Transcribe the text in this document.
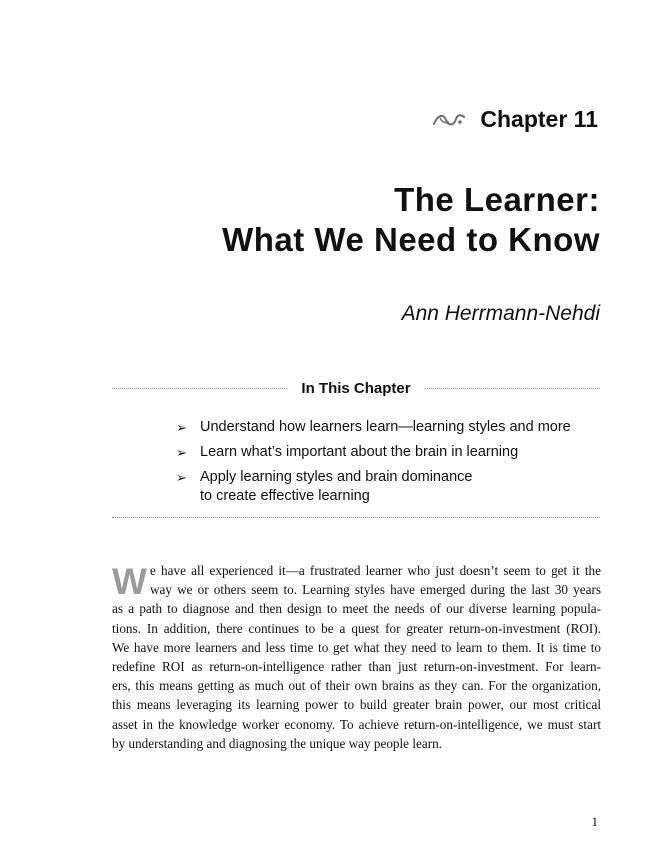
Chapter 11
The Learner:
What We Need to Know
Ann Herrmann-Nehdi
In This Chapter
➢ Understand how learners learn—learning styles and more
➢ Learn what’s important about the brain in learning
➢ Apply learning styles and brain dominance
to create effective learning
W e have all experienced it—a frustrated learner who just doesn’t seem to get it the
way we or others seem to. Learning styles have emerged during the last 30 years
as a path to diagnose and then design to meet the needs of our diverse learning popula-
tions. In addition, there continues to be a quest for greater return-on-investment (ROI).
We have more learners and less time to get what they need to learn to them. It is time to
redefine ROI as return-on-intelligence rather than just return-on-investment. For learn-
ers, this means getting as much out of their own brains as they can. For the organization,
this means leveraging its learning power to build greater brain power, our most critical
asset in the knowledge worker economy. To achieve return-on-intelligence, we must start
by understanding and diagnosing the unique way people learn.
1
